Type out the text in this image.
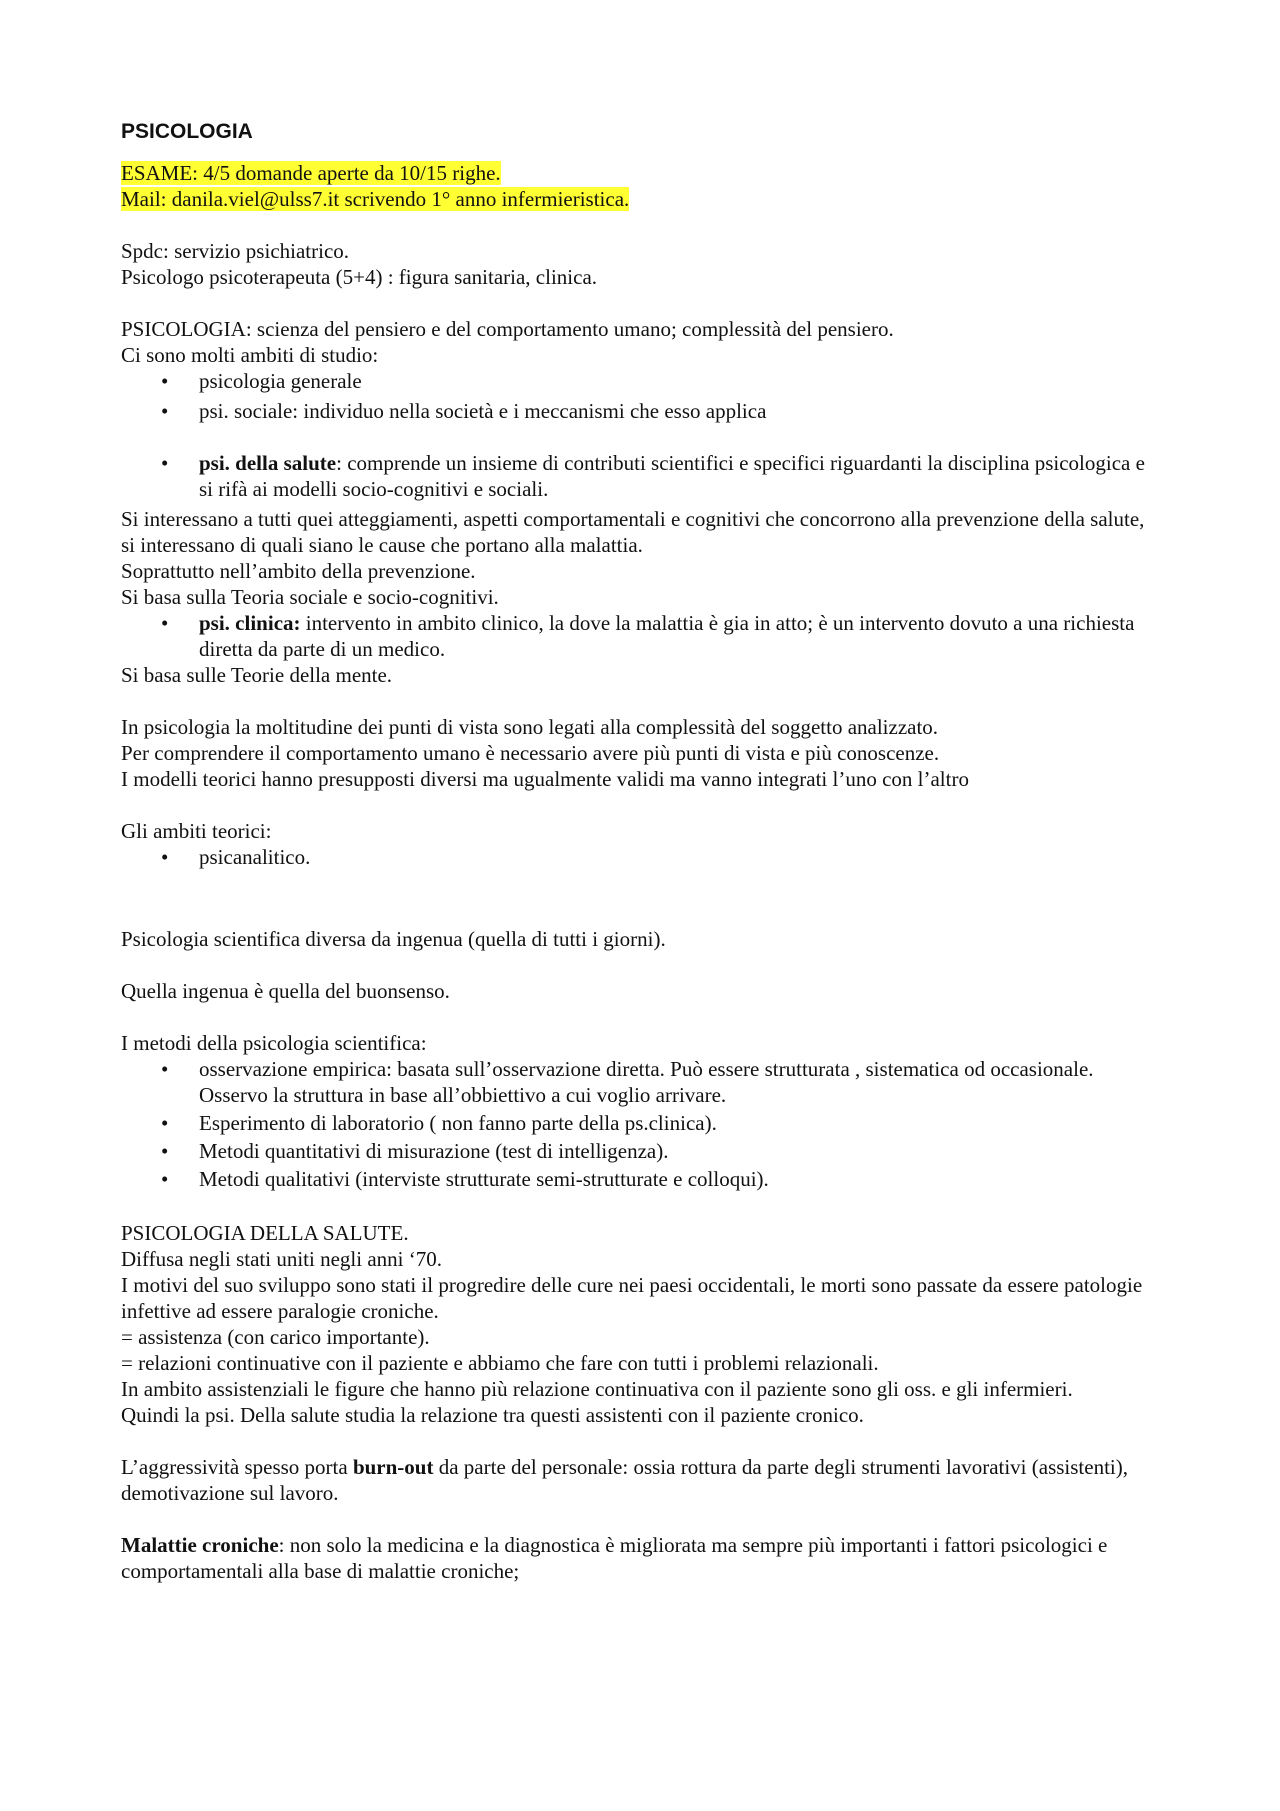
PSICOLOGIA
ESAME: 4/5 domande aperte da 10/15 righe.
Mail: danila.viel@ulss7.it scrivendo 1° anno infermieristica.
Spdc: servizio psichiatrico.
Psicologo psicoterapeuta (5+4) : figura sanitaria, clinica.
PSICOLOGIA: scienza del pensiero e del comportamento umano; complessità del pensiero.
Ci sono molti ambiti di studio:
• psicologia generale
• psi. sociale: individuo nella società e i meccanismi che esso applica
• psi. della salute: comprende un insieme di contributi scientifici e specifici riguardanti la disciplina psicologica e si rifà ai modelli socio-cognitivi e sociali.
Si interessano a tutti quei atteggiamenti, aspetti comportamentali e cognitivi che concorrono alla prevenzione della salute, si interessano di quali siano le cause che portano alla malattia.
Soprattutto nell’ambito della prevenzione.
Si basa sulla Teoria sociale e socio-cognitivi.
• psi. clinica: intervento in ambito clinico, la dove la malattia è gia in atto; è un intervento dovuto a una richiesta diretta da parte di un medico.
Si basa sulle Teorie della mente.
In psicologia la moltitudine dei punti di vista sono legati alla complessità del soggetto analizzato.
Per comprendere il comportamento umano è necessario avere più punti di vista e più conoscenze.
I modelli teorici hanno presupposti diversi ma ugualmente validi ma vanno integrati l’uno con l’altro
Gli ambiti teorici:
• psicanalitico.
Psicologia scientifica diversa da ingenua (quella di tutti i giorni).
Quella ingenua è quella del buonsenso.
I metodi della psicologia scientifica:
• osservazione empirica: basata sull’osservazione diretta. Può essere strutturata , sistematica od occasionale. Osservo la struttura in base all’obbiettivo a cui voglio arrivare.
• Esperimento di laboratorio ( non fanno parte della ps.clinica).
• Metodi quantitativi di misurazione (test di intelligenza).
• Metodi qualitativi (interviste strutturate semi-strutturate e colloqui).
PSICOLOGIA DELLA SALUTE.
Diffusa negli stati uniti negli anni ‘70.
I motivi del suo sviluppo sono stati il progredire delle cure nei paesi occidentali, le morti sono passate da essere patologie infettive ad essere paralogie croniche.
= assistenza (con carico importante).
= relazioni continuative con il paziente e abbiamo che fare con tutti i problemi relazionali.
In ambito assistenziali le figure che hanno più relazione continuativa con il paziente sono gli oss. e gli infermieri.
Quindi la psi. Della salute studia la relazione tra questi assistenti con il paziente cronico.
L’aggressività spesso porta burn-out da parte del personale: ossia rottura da parte degli strumenti lavorativi (assistenti), demotivazione sul lavoro.
Malattie croniche: non solo la medicina e la diagnostica è migliorata ma sempre più importanti i fattori psicologici e comportamentali alla base di malattie croniche;
